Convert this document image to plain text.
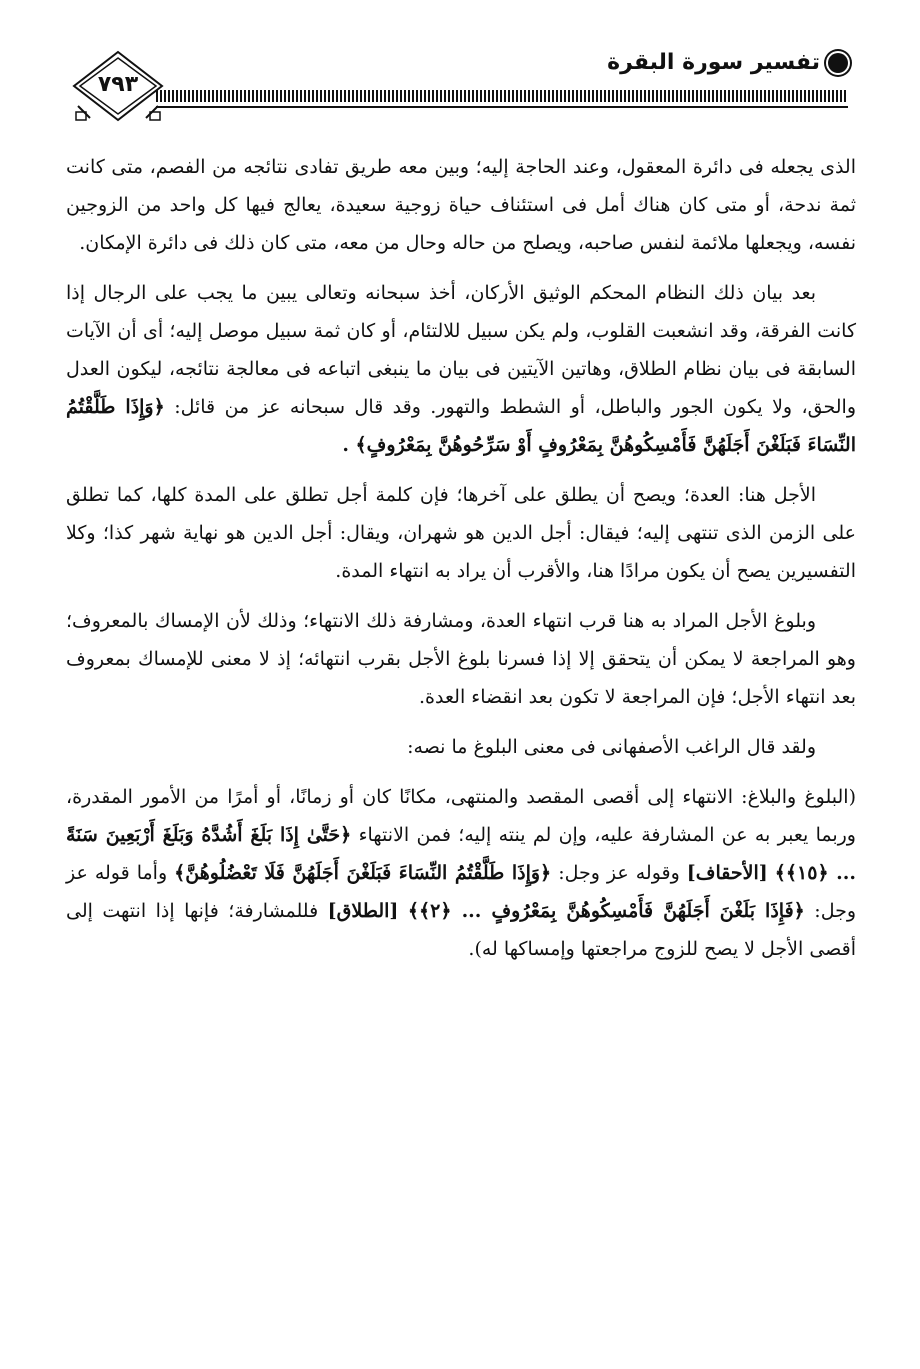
تفسير سورة البقرة
٧٩٣

الذى يجعله فى دائرة المعقول، وعند الحاجة إليه؛ وبين معه طريق تفادى نتائجه من الفصم، متى كانت ثمة ندحة، أو متى كان هناك أمل فى استئناف حياة زوجية سعيدة، يعالج فيها كل واحد من الزوجين نفسه، ويجعلها ملائمة لنفس صاحبه، ويصلح من حاله وحال من معه، متى كان ذلك فى دائرة الإمكان.

بعد بيان ذلك النظام المحكم الوثيق الأركان، أخذ سبحانه وتعالى يبين ما يجب على الرجال إذا كانت الفرقة، وقد انشعبت القلوب، ولم يكن سبيل للالتئام، أو كان ثمة سبيل موصل إليه؛ أى أن الآيات السابقة فى بيان نظام الطلاق، وهاتين الآيتين فى بيان ما ينبغى اتباعه فى معالجة نتائجه، ليكون العدل والحق، ولا يكون الجور والباطل، أو الشطط والتهور. وقد قال سبحانه عز من قائل: ﴿وَإِذَا طَلَّقْتُمُ النِّسَاءَ فَبَلَغْنَ أَجَلَهُنَّ فَأَمْسِكُوهُنَّ بِمَعْرُوفٍ أَوْ سَرِّحُوهُنَّ بِمَعْرُوفٍ﴾ .

الأجل هنا: العدة؛ ويصح أن يطلق على آخرها؛ فإن كلمة أجل تطلق على المدة كلها، كما تطلق على الزمن الذى تنتهى إليه؛ فيقال: أجل الدين هو شهران، ويقال: أجل الدين هو نهاية شهر كذا؛ وكلا التفسيرين يصح أن يكون مرادًا هنا، والأقرب أن يراد به انتهاء المدة.

وبلوغ الأجل المراد به هنا قرب انتهاء العدة، ومشارفة ذلك الانتهاء؛ وذلك لأن الإمساك بالمعروف؛ وهو المراجعة لا يمكن أن يتحقق إلا إذا فسرنا بلوغ الأجل بقرب انتهائه؛ إذ لا معنى للإمساك بمعروف بعد انتهاء الأجل؛ فإن المراجعة لا تكون بعد انقضاء العدة.

ولقد قال الراغب الأصفهانى فى معنى البلوغ ما نصه:

(البلوغ والبلاغ: الانتهاء إلى أقصى المقصد والمنتهى، مكانًا كان أو زمانًا، أو أمرًا من الأمور المقدرة، وربما يعبر به عن المشارفة عليه، وإن لم ينته إليه؛ فمن الانتهاء ﴿حَتَّىٰ إِذَا بَلَغَ أَشُدَّهُ وَبَلَغَ أَرْبَعِينَ سَنَةً ... ﴿١٥﴾﴾ [الأحقاف] وقوله عز وجل: ﴿وَإِذَا طَلَّقْتُمُ النِّسَاءَ فَبَلَغْنَ أَجَلَهُنَّ فَلَا تَعْضُلُوهُنَّ﴾ وأما قوله عز وجل: ﴿فَإِذَا بَلَغْنَ أَجَلَهُنَّ فَأَمْسِكُوهُنَّ بِمَعْرُوفٍ ... ﴿٢﴾﴾ [الطلاق] فللمشارفة؛ فإنها إذا انتهت إلى أقصى الأجل لا يصح للزوج مراجعتها وإمساكها له).
